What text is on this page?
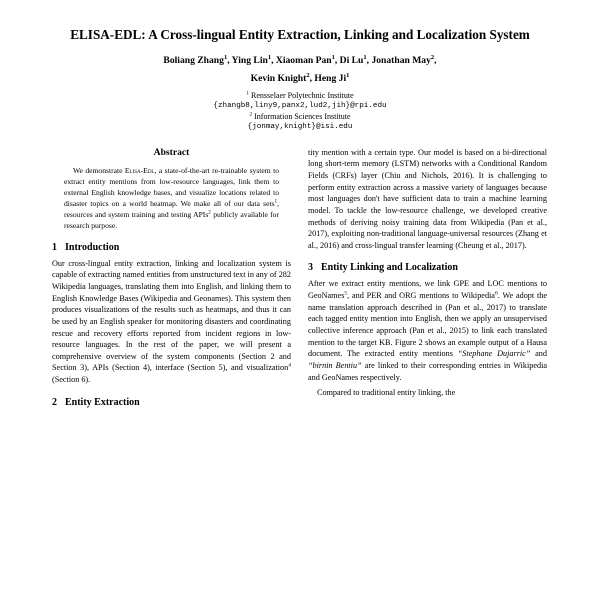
ELISA-EDL: A Cross-lingual Entity Extraction, Linking and Localization System
Boliang Zhang$^1$, Ying Lin$^1$, Xiaoman Pan$^1$, Di Lu$^1$, Jonathan May$^2$,
Kevin Knight$^2$, Heng Ji$^1$
$^1$ Rensselaer Polytechnic Institute
{zhangb8,liny9,panx2,lud2,jih}@rpi.edu
$^2$ Information Sciences Institute
{jonmay,knight}@isi.edu
Abstract
We demonstrate Elisa-Edl, a state-of-the-art re-trainable system to extract entity mentions from low-resource languages, link them to external English knowledge bases, and visualize locations related to disaster topics on a world heatmap. We make all of our data sets$^1$, resources and system training and testing APIs$^2$ publicly available for research purpose.
1 Introduction

Our cross-lingual entity extraction, linking and localization system is capable of extracting named entities from unstructured text in any of 282 Wikipedia languages, translating them into English, and linking them to English Knowledge Bases (Wikipedia and Geonames). This system then produces visualizations of the results such as heatmaps, and thus it can be used by an English speaker for monitoring disasters and coordinating rescue and recovery efforts reported from incident regions in low-resource languages. In the rest of the paper, we will present a comprehensive overview of the system components (Section 2 and Section 3), APIs (Section 4), interface (Section 5), and visualization$^4$ (Section 6).

2 Entity Extraction

tity mention with a certain type. Our model is based on a bi-directional long short-term memory (LSTM) networks with a Conditional Random Fields (CRFs) layer (Chiu and Nichols, 2016). It is challenging to perform entity extraction across a massive variety of languages because most languages don't have sufficient data to train a machine learning model. To tackle the low-resource challenge, we developed creative methods of deriving noisy training data from Wikipedia (Pan et al., 2017), exploiting non-traditional language-universal resources (Zhang et al., 2016) and cross-lingual transfer learning (Cheung et al., 2017).

3 Entity Linking and Localization

After we extract entity mentions, we link GPE and LOC mentions to GeoNames$^5$, and PER and ORG mentions to Wikipedia$^6$. We adopt the name translation approach described in (Pan et al., 2017) to translate each tagged entity mention into English, then we apply an unsupervised collective inference approach (Pan et al., 2015) to link each translated mention to the target KB. Figure 2 shows an example output of a Hausa document. The extracted entity mentions “Stephane Dujarric” and “birnin Bentiu” are linked to their corresponding entries in Wikipedia and GeoNames respectively.

Compared to traditional entity linking, the
